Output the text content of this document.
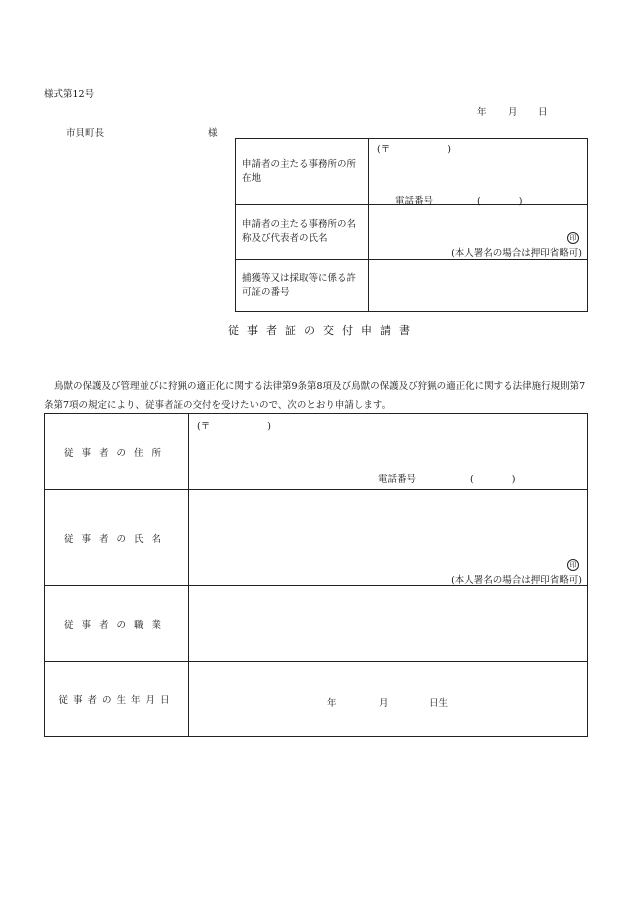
様式第12号
年 月 日
市貝町長	様
申請者の主たる事務所の所在地	(〒　　　　　　)
電話番号 (　　　　)

申請者の主たる事務所の名称及び代表者の氏名	印
(本人署名の場合は押印省略可)

捕獲等又は採取等に係る許可証の番号	

従事者証の交付申請書
鳥獣の保護及び管理並びに狩猟の適正化に関する法律第9条第8項及び鳥獣の保護及び狩猟の適正化に関する法律施行規則第7条第7項の規定により、従事者証の交付を受けたいので、次のとおり申請します。
従事者の住所	(〒　　　　　　)
電話番号 (　　　　)

従事者の氏名	印
(本人署名の場合は押印省略可)

従事者の職業	
従事者の生年月日	年 月 日生
